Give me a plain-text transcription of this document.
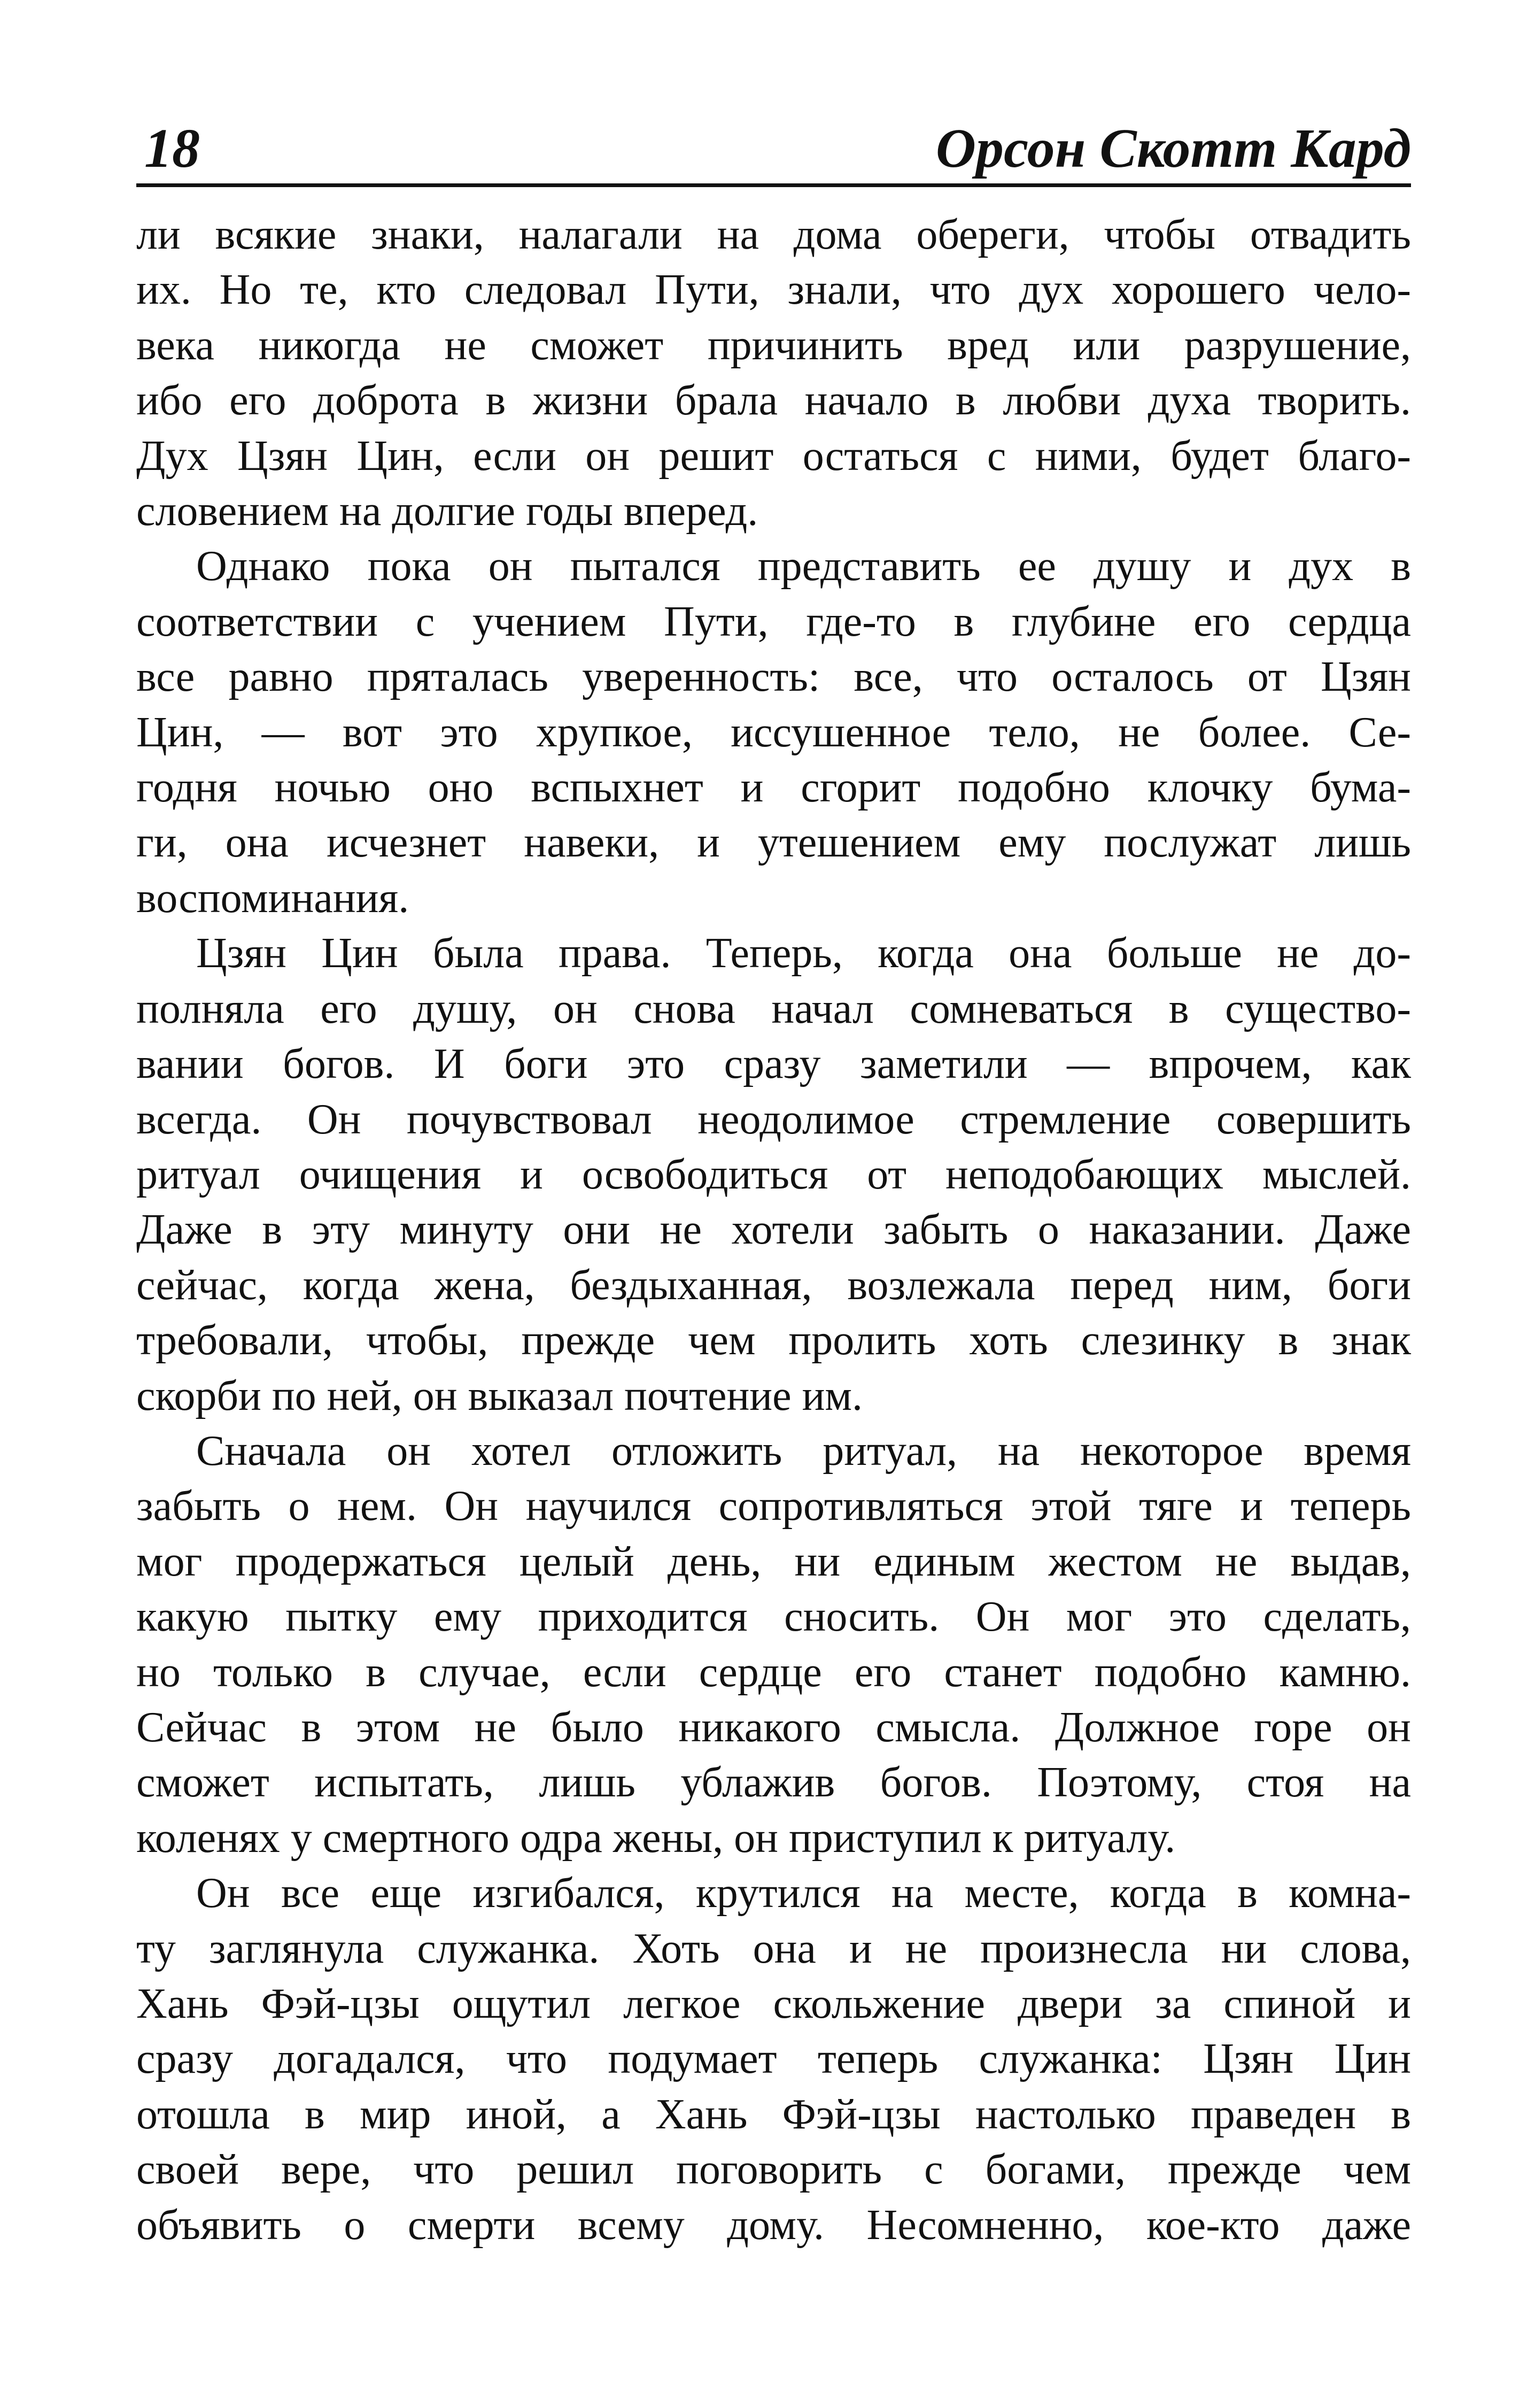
18	Орсон Скотт Кард
ли всякие знаки, налагали на дома обереги, чтобы отвадить
их. Но те, кто следовал Пути, знали, что дух хорошего чело-
века никогда не сможет причинить вред или разрушение,
ибо его доброта в жизни брала начало в любви духа творить.
Дух Цзян Цин, если он решит остаться с ними, будет благо-
словением на долгие годы вперед.
Однако пока он пытался представить ее душу и дух в
соответствии с учением Пути, где-то в глубине его сердца
все равно пряталась уверенность: все, что осталось от Цзян
Цин, — вот это хрупкое, иссушенное тело, не более. Се-
годня ночью оно вспыхнет и сгорит подобно клочку бума-
ги, она исчезнет навеки, и утешением ему послужат лишь
воспоминания.
Цзян Цин была права. Теперь, когда она больше не до-
полняла его душу, он снова начал сомневаться в существо-
вании богов. И боги это сразу заметили — впрочем, как
всегда. Он почувствовал неодолимое стремление совершить
ритуал очищения и освободиться от неподобающих мыслей.
Даже в эту минуту они не хотели забыть о наказании. Даже
сейчас, когда жена, бездыханная, возлежала перед ним, боги
требовали, чтобы, прежде чем пролить хоть слезинку в знак
скорби по ней, он выказал почтение им.
Сначала он хотел отложить ритуал, на некоторое время
забыть о нем. Он научился сопротивляться этой тяге и теперь
мог продержаться целый день, ни единым жестом не выдав,
какую пытку ему приходится сносить. Он мог это сделать,
но только в случае, если сердце его станет подобно камню.
Сейчас в этом не было никакого смысла. Должное горе он
сможет испытать, лишь ублажив богов. Поэтому, стоя на
коленях у смертного одра жены, он приступил к ритуалу.
Он все еще изгибался, крутился на месте, когда в комна-
ту заглянула служанка. Хоть она и не произнесла ни слова,
Хань Фэй-цзы ощутил легкое скольжение двери за спиной и
сразу догадался, что подумает теперь служанка: Цзян Цин
отошла в мир иной, а Хань Фэй-цзы настолько праведен в
своей вере, что решил поговорить с богами, прежде чем
объявить о смерти всему дому. Несомненно, кое-кто даже
